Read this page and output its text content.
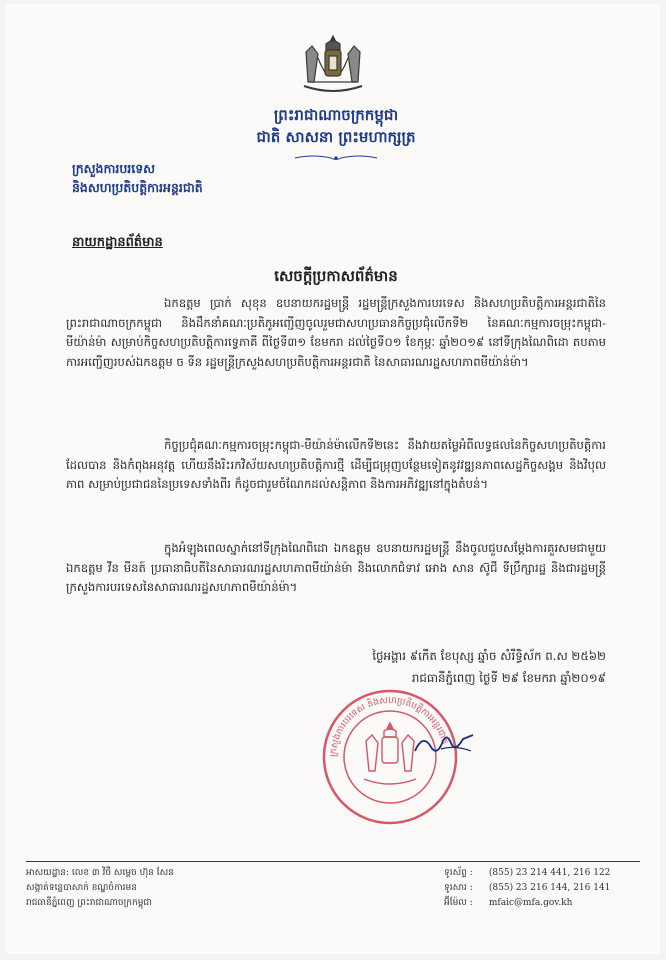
ព្រះរាជាណាចក្រកម្ពុជា
ជាតិ សាសនា ព្រះមហាក្សត្រ
ក្រសួងការបរទេស
និងសហប្រតិបត្តិការអន្តរជាតិ
នាយកដ្ឋានព័ត៌មាន
សេចក្ដីប្រកាសព័ត៌មាន
ឯកឧត្តម ប្រាក់ សុខុន ឧបនាយករដ្ឋមន្ត្រី រដ្ឋមន្ត្រីក្រសួងការបរទេស និងសហប្រតិបត្តិការអន្តរជាតិនៃព្រះរាជាណាចក្រកម្ពុជា និងដឹកនាំគណៈប្រតិភូអញ្ជើញចូលរួមជាសហប្រធានកិច្ចប្រជុំលើកទី២ នៃគណៈកម្មការចម្រុះកម្ពុជា-មីយ៉ាន់ម៉ា សម្រាប់កិច្ចសហប្រតិបត្តិការទ្វេភាគី ពីថ្ងៃទី៣១ ខែមករា ដល់ថ្ងៃទី០១ ខែកុម្ភៈ ឆ្នាំ២០១៩ នៅទីក្រុងណៃពិដោ តបតាមការអញ្ជើញរបស់ឯកឧត្តម ច ទីន រដ្ឋមន្ត្រីក្រសួងសហប្រតិបត្តិការអន្តរជាតិ នៃសាធារណរដ្ឋសហភាពមីយ៉ាន់ម៉ា។
កិច្ចប្រជុំគណៈកម្មការចម្រុះកម្ពុជា-មីយ៉ាន់ម៉ាលើកទី២នេះ នឹងវាយតម្លៃអំពីលទ្ធផលនៃកិច្ចសហប្រតិបត្តិការ ដែលបាន និងកំពុងអនុវត្ត ហើយនឹងរិះរកវិស័យសហប្រតិបត្តិការថ្មី ដើម្បីជម្រុញបន្ថែមទៀតនូវវឌ្ឍនភាពសេដ្ឋកិច្ចសង្គម និងវិបុលភាព សម្រាប់ប្រជាជននៃប្រទេសទាំងពីរ ក៏ដូចជារួមចំណែកដល់សន្តិភាព និងការអភិវឌ្ឍនៅក្នុងតំបន់។
ក្នុងអំឡុងពេលស្នាក់នៅទីក្រុងណៃពិដោ ឯកឧត្តម ឧបនាយករដ្ឋមន្ត្រី នឹងចូលជួបសម្ដែងការគួរសមជាមួយ ឯកឧត្តម វីន មីនត៍ ប្រធានាធិបតីនៃសាធារណរដ្ឋសហភាពមីយ៉ាន់ម៉ា និងលោកជំទាវ អោង សាន ស៊ូជី ទីប្រឹក្សារដ្ឋ និងជារដ្ឋមន្ត្រីក្រសួងការបរទេសនៃសាធារណរដ្ឋសហភាពមីយ៉ាន់ម៉ា។
ថ្ងៃអង្គារ ៩កើត ខែបុស្ស ឆ្នាំច សំរឹទ្ធិស័ក ព.ស ២៥៦២
រាជធានីភ្នំពេញ ថ្ងៃទី ២៩ ខែមករា ឆ្នាំ២០១៩
ក្រសួងការបរទេស និងសហប្រតិបត្តិការអន្តរជាតិ
អាសយដ្ឋាន: លេខ ៣ វិថី សម្ដេច ហ៊ុន សែន
សង្កាត់ទន្លេបាសាក់ ខណ្ឌចំការមន
រាជធានីភ្នំពេញ ព្រះរាជាណាចក្រកម្ពុជា
ទូរស័ព្ទ : (855) 23 214 441, 216 122
ទូរសារ : (855) 23 216 144, 216 141
អ៊ីម៉ែល : mfaic@mfa.gov.kh
